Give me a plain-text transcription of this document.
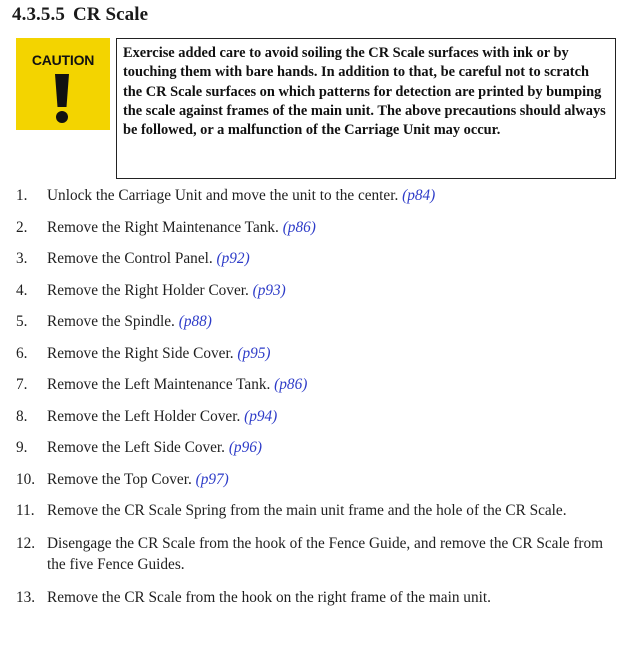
4.3.5.5 CR Scale
CAUTION	Exercise added care to avoid soiling the CR Scale surfaces with ink or by touching them with bare hands. In addition to that, be careful not to scratch the CR Scale surfaces on which patterns for detection are printed by bumping the scale against frames of the main unit. The above precautions should always be followed, or a malfunction of the Carriage Unit may occur.
1. Unlock the Carriage Unit and move the unit to the center. (p84)
2. Remove the Right Maintenance Tank. (p86)
3. Remove the Control Panel. (p92)
4. Remove the Right Holder Cover. (p93)
5. Remove the Spindle. (p88)
6. Remove the Right Side Cover. (p95)
7. Remove the Left Maintenance Tank. (p86)
8. Remove the Left Holder Cover. (p94)
9. Remove the Left Side Cover. (p96)
10. Remove the Top Cover. (p97)
11. Remove the CR Scale Spring from the main unit frame and the hole of the CR Scale.
12. Disengage the CR Scale from the hook of the Fence Guide, and remove the CR Scale from the five Fence Guides.
13. Remove the CR Scale from the hook on the right frame of the main unit.
